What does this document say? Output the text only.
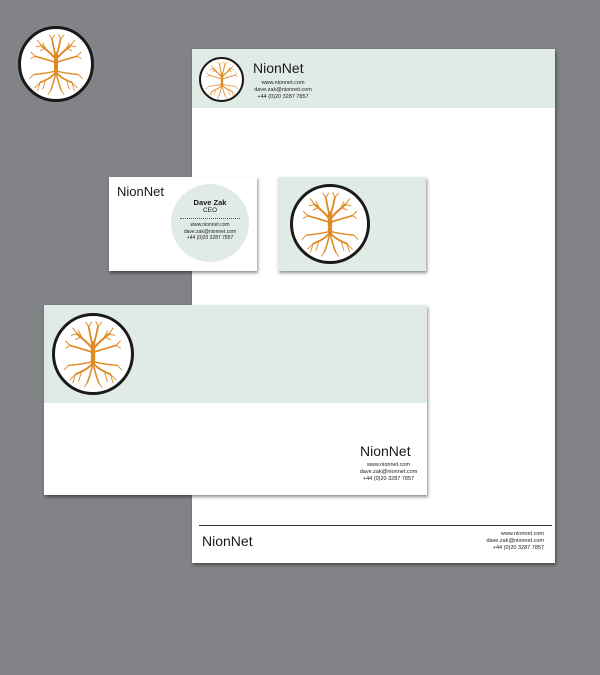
NionNet
www.nionnet.com
dave.zak@nionnet.com
+44 (0)20 3287 7857
NionNet	www.nionnet.com
dave.zak@nionnet.com
+44 (0)20 3287 7857
NionNet
Dave Zak
CEO
www.nionnet.com
dave.zak@nionnet.com
+44 (0)20 3287 7857
NionNet
www.nionnet.com
dave.zak@nionnet.com
+44 (0)20 3287 7857
